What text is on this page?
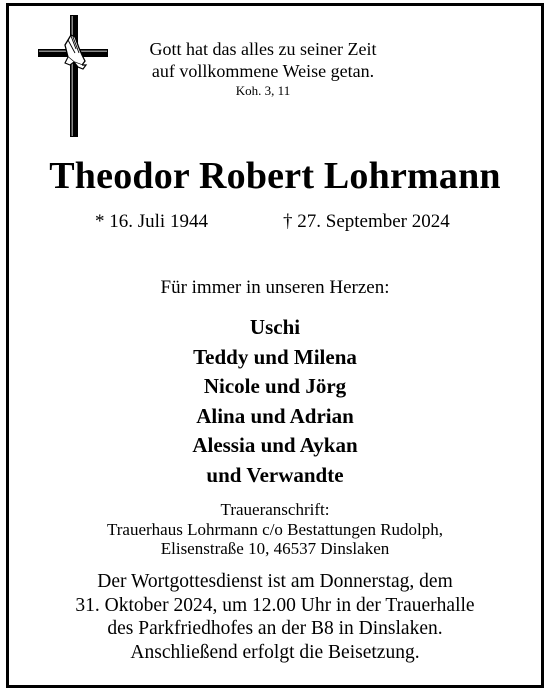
Gott hat das alles zu seiner Zeit
auf vollkommene Weise getan.
Koh. 3, 11
Theodor Robert Lohrmann
* 16. Juli 1944	† 27. September 2024
Für immer in unseren Herzen:
Uschi
Teddy und Milena
Nicole und Jörg
Alina und Adrian
Alessia und Aykan
und Verwandte
Traueranschrift:
Trauerhaus Lohrmann c/o Bestattungen Rudolph,
Elisenstraße 10, 46537 Dinslaken
Der Wortgottesdienst ist am Donnerstag, dem
31. Oktober 2024, um 12.00 Uhr in der Trauerhalle
des Parkfriedhofes an der B8 in Dinslaken.
Anschließend erfolgt die Beisetzung.
